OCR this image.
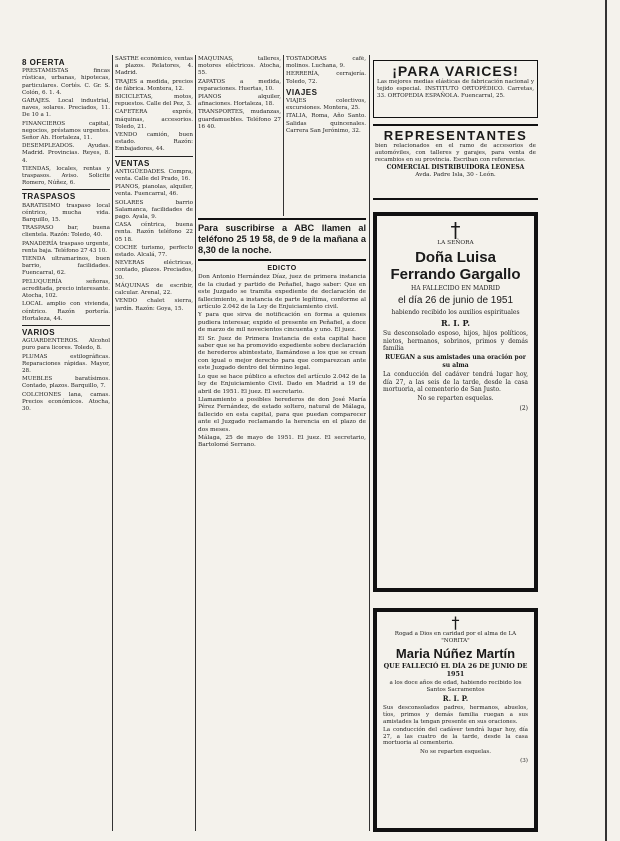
8 OFERTA

PRESTAMISTAS fincas rústicas, urbanas, hipotecas, particulares. Cortés. C. Gr. S. Colón, 6. 1. 4.

GARAJES. Local industrial, naves, solares. Preciados, 11. De 10 a 1.

FINANCIEROS capital, negocios, préstamos urgentes. Señor Ah. Hortaleza, 11.

DESEMPLEADOS. Ayudas. Madrid. Provincias. Reyes, 8. 4.

TIENDAS, locales, rentas y traspasos. Aviso. Solicite Romero, Núñez, 6.

TRASPASOS

BARATISIMO traspaso local céntrico, mucha vida. Barquillo, 15.

TRASPASO bar, buena clientela. Razón: Toledo, 40.

PANADERÍA traspaso urgente, renta baja. Teléfono 27 43 10.

TIENDA ultramarinos, buen barrio, facilidades. Fuencarral, 62.

PELUQUERÍA señoras, acreditada, precio interesante. Atocha, 102.

LOCAL amplio con vivienda, céntrico. Razón portería. Hortaleza, 44.

VARIOS

AGUARDENTEROS. Alcohol puro para licores. Toledo, 8.

PLUMAS estilográficas. Reparaciones rápidas. Mayor, 28.

MUEBLES baratísimos. Contado, plazos. Barquillo, 7.

COLCHONES lana, camas. Precios económicos. Atocha, 30.

SASTRE económico, ventas a plazos. Relatores, 4. Madrid.

TRAJES a medida, precios de fábrica. Montera, 12.

BICICLETAS, motos, repuestos. Calle del Pez, 3.

CAFETERA exprés, máquinas, accesorios. Toledo, 21.

VENDO camión, buen estado. Razón: Embajadores, 44.

VENTAS

ANTIGÜEDADES. Compra, venta. Calle del Prado, 16.

PIANOS, pianolas, alquiler, venta. Fuencarral, 46.

SOLARES barrio Salamanca, facilidades de pago. Ayala, 9.

CASA céntrica, buena renta. Razón teléfono 22 05 18.

COCHE turismo, perfecto estado. Alcalá, 77.

NEVERAS eléctricas, contado, plazos. Preciados, 30.

MÁQUINAS de escribir, calcular. Arenal, 22.

VENDO chalet sierra, jardín. Razón: Goya, 15.

MAQUINAS, talleres, motores eléctricos. Atocha, 55.

ZAPATOS a medida, reparaciones. Huertas, 10.

PIANOS alquiler, afinaciones. Hortaleza, 18.

TRANSPORTES, mudanzas, guardamuebles. Teléfono 27 16 40.

TOSTADORAS café, molinos. Luchana, 9.

HERRERÍA, cerrajería. Toledo, 72.

VIAJES

VIAJES colectivos, excursiones. Montera, 25.

ITALIA, Roma, Año Santo. Salidas quincenales. Carrera San Jerónimo, 32.

Para suscribirse a ABC llamen al teléfono 25 19 58, de 9 de la mañana a 8,30 de la noche.
EDICTO

Don Antonio Hernández Díaz, juez de primera instancia de la ciudad y partido de Peñafiel, hago saber: Que en este Juzgado se tramita expediente de declaración de fallecimiento, a instancia de parte legítima, conforme al artículo 2.042 de la Ley de Enjuiciamiento civil.

Y para que sirva de notificación en forma a quienes pudiera interesar, expido el presente en Peñafiel, a doce de marzo de mil novecientos cincuenta y uno. El juez.

El Sr. Juez de Primera Instancia de esta capital hace saber que se ha promovido expediente sobre declaración de herederos abintestato, llamándose a los que se crean con igual o mejor derecho para que comparezcan ante este Juzgado dentro del término legal.

Lo que se hace público a efectos del artículo 2.042 de la ley de Enjuiciamiento Civil. Dado en Madrid a 19 de abril de 1951. El juez. El secretario.

Llamamiento a posibles herederos de don José María Pérez Fernández, de estado soltero, natural de Málaga, fallecido en esta capital, para que puedan comparecer ante el Juzgado reclamando la herencia en el plazo de dos meses.

Málaga, 25 de mayo de 1951. El juez. El secretario, Bartolomé Serrano.

¡PARA VARICES!
Las mejores medias elásticas de fabricación nacional y tejido especial. INSTITUTO ORTOPÉDICO. Carretas, 33. ORTOPEDIA ESPAÑOLA. Fuencarral, 25.
REPRESENTANTES
bien relacionados en el ramo de accesorios de automóviles, con talleres y garajes, para venta de recambios en su provincia. Escriban con referencias.
COMERCIAL DISTRIBUIDORA LEONESA
Avda. Padre Isla, 30 - León.
†

LA SEÑORA

Doña Luisa Ferrando Gargallo

HA FALLECIDO EN MADRID

el día 26 de junio de 1951

habiendo recibido los auxilios espirituales

R. I. P.

Su desconsolado esposo, hijos, hijos políticos, nietos, hermanos, sobrinos, primos y demás familia

RUEGAN a sus amistades una oración por su alma

La conducción del cadáver tendrá lugar hoy, día 27, a las seis de la tarde, desde la casa mortuoria, al cementerio de San Justo.

No se reparten esquelas.

(2)

†

Rogad a Dios en caridad por el alma de LA "NORITA"

Maria Núñez Martín

QUE FALLECIÓ EL DÍA 26 DE JUNIO DE 1951

a los doce años de edad, habiendo recibido los Santos Sacramentos

R. I. P.

Sus desconsolados padres, hermanos, abuelos, tíos, primos y demás familia ruegan a sus amistades la tengan presente en sus oraciones.

La conducción del cadáver tendrá lugar hoy, día 27, a las cuatro de la tarde, desde la casa mortuoria al cementerio.

No se reparten esquelas.

(3)
